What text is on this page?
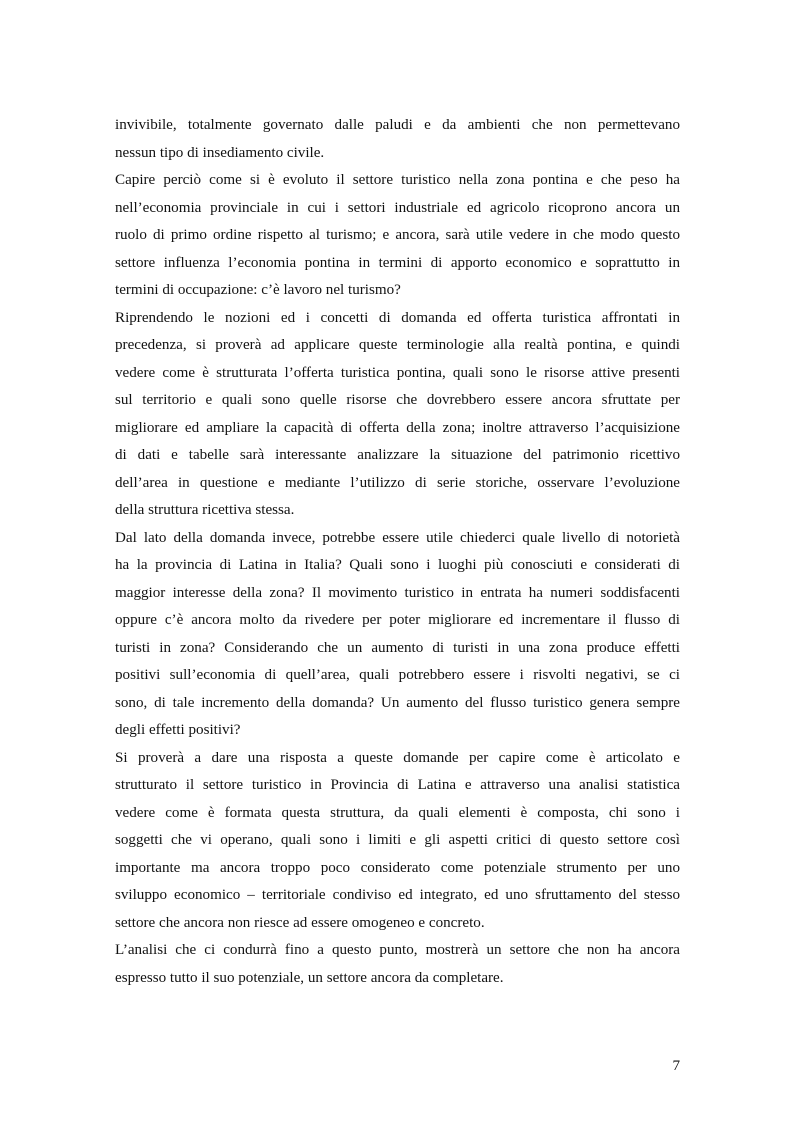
invivibile, totalmente governato dalle paludi e da ambienti che non permettevano
nessun tipo di insediamento civile.
Capire perciò come si è evoluto il settore turistico nella zona pontina e che peso ha
nell’economia provinciale in cui i settori industriale ed agricolo ricoprono ancora un
ruolo di primo ordine rispetto al turismo; e ancora, sarà utile vedere in che modo questo
settore influenza l’economia pontina in termini di apporto economico e soprattutto in
termini di occupazione: c’è lavoro nel turismo?
Riprendendo le nozioni ed i concetti di domanda ed offerta turistica affrontati in
precedenza, si proverà ad applicare queste terminologie alla realtà pontina, e quindi
vedere come è strutturata l’offerta turistica pontina, quali sono le risorse attive presenti
sul territorio e quali sono quelle risorse che dovrebbero essere ancora sfruttate per
migliorare ed ampliare la capacità di offerta della zona; inoltre attraverso l’acquisizione
di dati e tabelle sarà interessante analizzare la situazione del patrimonio ricettivo
dell’area in questione e mediante l’utilizzo di serie storiche, osservare l’evoluzione
della struttura ricettiva stessa.
Dal lato della domanda invece, potrebbe essere utile chiederci quale livello di notorietà
ha la provincia di Latina in Italia? Quali sono i luoghi più conosciuti e considerati di
maggior interesse della zona? Il movimento turistico in entrata ha numeri soddisfacenti
oppure c’è ancora molto da rivedere per poter migliorare ed incrementare il flusso di
turisti in zona? Considerando che un aumento di turisti in una zona produce effetti
positivi sull’economia di quell’area, quali potrebbero essere i risvolti negativi, se ci
sono, di tale incremento della domanda? Un aumento del flusso turistico genera sempre
degli effetti positivi?
Si proverà a dare una risposta a queste domande per capire come è articolato e
strutturato il settore turistico in Provincia di Latina e attraverso una analisi statistica
vedere come è formata questa struttura, da quali elementi è composta, chi sono i
soggetti che vi operano, quali sono i limiti e gli aspetti critici di questo settore così
importante ma ancora troppo poco considerato come potenziale strumento per uno
sviluppo economico – territoriale condiviso ed integrato, ed uno sfruttamento del stesso
settore che ancora non riesce ad essere omogeneo e concreto.
L’analisi che ci condurrà fino a questo punto, mostrerà un settore che non ha ancora
espresso tutto il suo potenziale, un settore ancora da completare.
7
